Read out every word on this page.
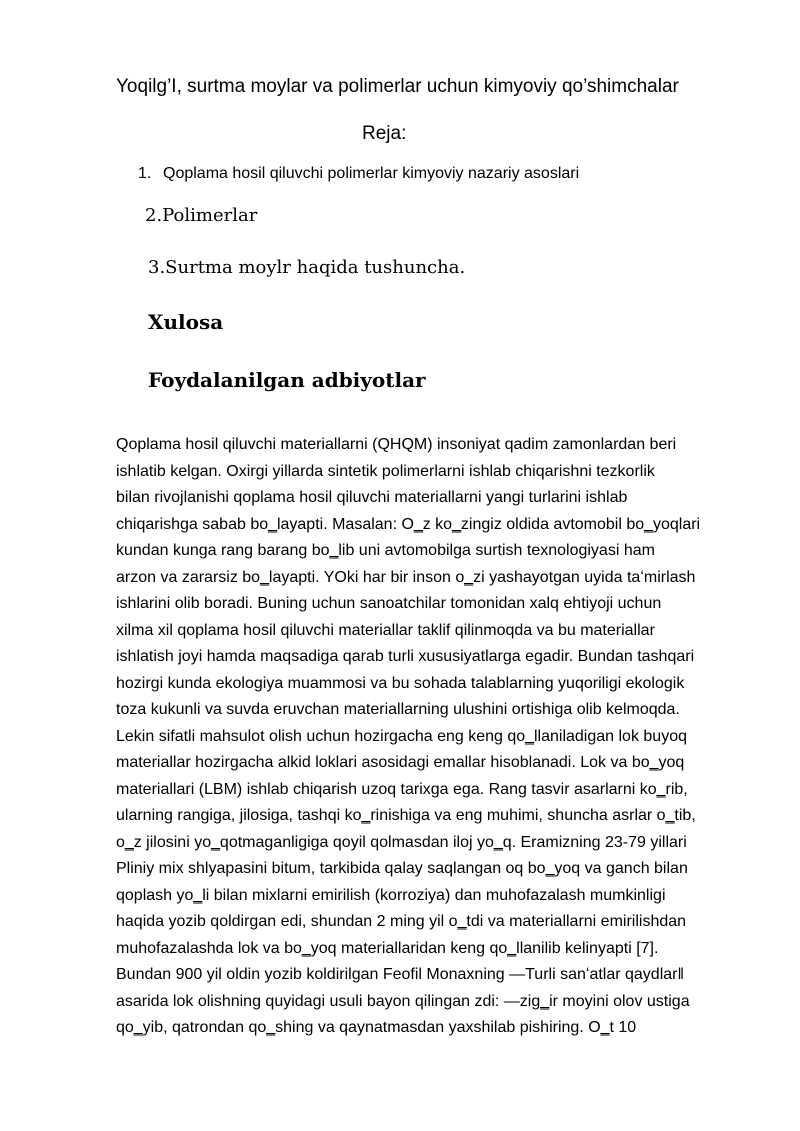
Yoqilg’I, surtma moylar va polimerlar uchun kimyoviy qo’shimchalar
Reja:
1. Qoplama hosil qiluvchi polimerlar kimyoviy nazariy asoslari
2.Polimerlar
3.Surtma moylr haqida tushuncha.
Xulosa
Foydalanilgan adbiyotlar
Qoplama hosil qiluvchi materiallarni (QHQM) insoniyat qadim zamonlardan beri
ishlatib kelgan. Oxirgi yillarda sintetik polimerlarni ishlab chiqarishni tezkorlik
bilan rivojlanishi qoplama hosil qiluvchi materiallarni yangi turlarini ishlab
chiqarishga sabab bo‗layapti. Masalan: O‗z ko‗zingiz oldida avtomobil bo‗yoqlari
kundan kunga rang barang bo‗lib uni avtomobilga surtish texnologiyasi ham
arzon va zararsiz bo‗layapti. YOki har bir inson o‗zi yashayotgan uyida taʻmirlash
ishlarini olib boradi. Buning uchun sanoatchilar tomonidan xalq ehtiyoji uchun
xilma xil qoplama hosil qiluvchi materiallar taklif qilinmoqda va bu materiallar
ishlatish joyi hamda maqsadiga qarab turli xususiyatlarga egadir. Bundan tashqari
hozirgi kunda ekologiya muammosi va bu sohada talablarning yuqoriligi ekologik
toza kukunli va suvda eruvchan materiallarning ulushini ortishiga olib kelmoqda.
Lekin sifatli mahsulot olish uchun hozirgacha eng keng qo‗llaniladigan lok buyoq
materiallar hozirgacha alkid loklari asosidagi emallar hisoblanadi. Lok va bo‗yoq
materiallari (LBM) ishlab chiqarish uzoq tarixga ega. Rang tasvir asarlarni ko‗rib,
ularning rangiga, jilosiga, tashqi ko‗rinishiga va eng muhimi, shuncha asrlar o‗tib,
o‗z jilosini yo‗qotmaganligiga qoyil qolmasdan iloj yo‗q. Eramizning 23-79 yillari
Pliniy mix shlyapasini bitum, tarkibida qalay saqlangan oq bo‗yoq va ganch bilan
qoplash yo‗li bilan mixlarni emirilish (korroziya) dan muhofazalash mumkinligi
haqida yozib qoldirgan edi, shundan 2 ming yil o‗tdi va materiallarni emirilishdan
muhofazalashda lok va bo‗yoq materiallaridan keng qo‗llanilib kelinyapti [7].
Bundan 900 yil oldin yozib koldirilgan Feofil Monaxning ―Turli sanʻatlar qaydlar‖
asarida lok olishning quyidagi usuli bayon qilingan zdi: ―zig‗ir moyini olov ustiga
qo‗yib, qatrondan qo‗shing va qaynatmasdan yaxshilab pishiring. O‗t 10
